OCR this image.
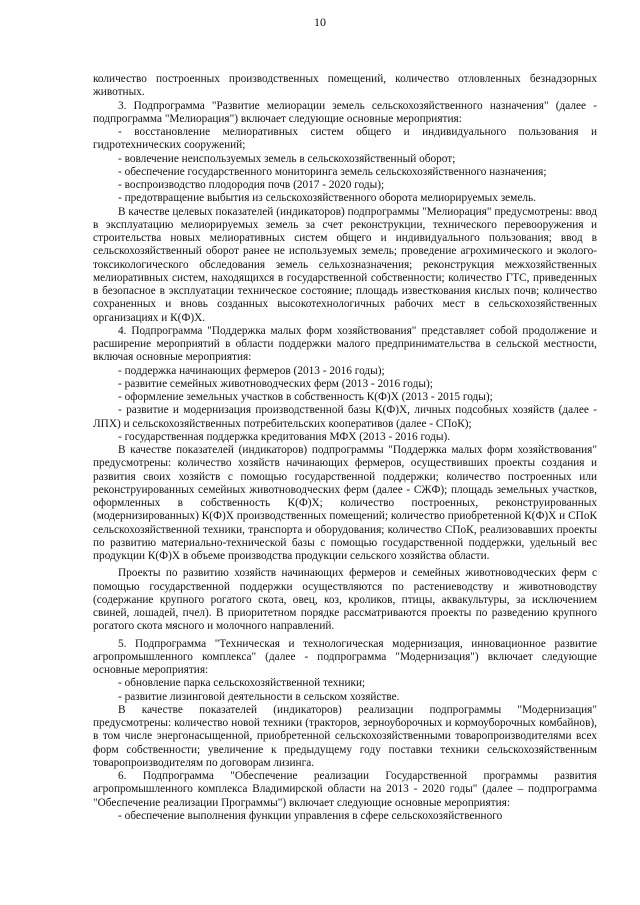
10

количество построенных производственных помещений, количество отловленных безнадзорных животных.

3. Подпрограмма "Развитие мелиорации земель сельскохозяйственного назначения" (далее - подпрограмма "Мелиорация") включает следующие основные мероприятия:

- восстановление мелиоративных систем общего и индивидуального пользования и гидротехнических сооружений;

- вовлечение неиспользуемых земель в сельскохозяйственный оборот;

- обеспечение государственного мониторинга земель сельскохозяйственного назначения;

- воспроизводство плодородия почв (2017 - 2020 годы);

- предотвращение выбытия из сельскохозяйственного оборота мелиорируемых земель.

В качестве целевых показателей (индикаторов) подпрограммы "Мелиорация" предусмотрены: ввод в эксплуатацию мелиорируемых земель за счет реконструкции, технического перевооружения и строительства новых мелиоративных систем общего и индивидуального пользования; ввод в сельскохозяйственный оборот ранее не используемых земель; проведение агрохимического и эколого-токсикологического обследования земель сельхозназначения; реконструкция межхозяйственных мелиоративных систем, находящихся в государственной собственности; количество ГТС, приведенных в безопасное в эксплуатации техническое состояние; площадь известкования кислых почв; количество сохраненных и вновь созданных высокотехнологичных рабочих мест в сельскохозяйственных организациях и К(Ф)Х.

4. Подпрограмма "Поддержка малых форм хозяйствования" представляет собой продолжение и расширение мероприятий в области поддержки малого предпринимательства в сельской местности, включая основные мероприятия:

- поддержка начинающих фермеров (2013 - 2016 годы);

- развитие семейных животноводческих ферм (2013 - 2016 годы);

- оформление земельных участков в собственность К(Ф)Х (2013 - 2015 годы);

- развитие и модернизация производственной базы К(Ф)Х, личных подсобных хозяйств (далее - ЛПХ) и сельскохозяйственных потребительских кооперативов (далее - СПоК);

- государственная поддержка кредитования МФХ (2013 - 2016 годы).

В качестве показателей (индикаторов) подпрограммы "Поддержка малых форм хозяйствования" предусмотрены: количество хозяйств начинающих фермеров, осуществивших проекты создания и развития своих хозяйств с помощью государственной поддержки; количество построенных или реконструированных семейных животноводческих ферм (далее - СЖФ); площадь земельных участков, оформленных в собственность К(Ф)Х; количество построенных, реконструированных (модернизированных) К(Ф)Х производственных помещений; количество приобретенной К(Ф)Х и СПоК сельскохозяйственной техники, транспорта и оборудования; количество СПоК, реализовавших проекты по развитию материально-технической базы с помощью государственной поддержки, удельный вес продукции К(Ф)Х в объеме производства продукции сельского хозяйства области.

Проекты по развитию хозяйств начинающих фермеров и семейных животноводческих ферм с помощью государственной поддержки осуществляются по растениеводству и животноводству (содержание крупного рогатого скота, овец, коз, кроликов, птицы, аквакультуры, за исключением свиней, лошадей, пчел). В приоритетном порядке рассматриваются проекты по разведению крупного рогатого скота мясного и молочного направлений.

5. Подпрограмма "Техническая и технологическая модернизация, инновационное развитие агропромышленного комплекса" (далее - подпрограмма "Модернизация") включает следующие основные мероприятия:

- обновление парка сельскохозяйственной техники;

- развитие лизинговой деятельности в сельском хозяйстве.

В качестве показателей (индикаторов) реализации подпрограммы "Модернизация" предусмотрены: количество новой техники (тракторов, зерноуборочных и кормоуборочных комбайнов), в том числе энергонасыщенной, приобретенной сельскохозяйственными товаропроизводителями всех форм собственности; увеличение к предыдущему году поставки техники сельскохозяйственным товаропроизводителям по договорам лизинга.

6. Подпрограмма "Обеспечение реализации Государственной программы развития агропромышленного комплекса Владимирской области на 2013 - 2020 годы" (далее – подпрограмма "Обеспечение реализации Программы") включает следующие основные мероприятия:

- обеспечение выполнения функции управления в сфере сельскохозяйственного
